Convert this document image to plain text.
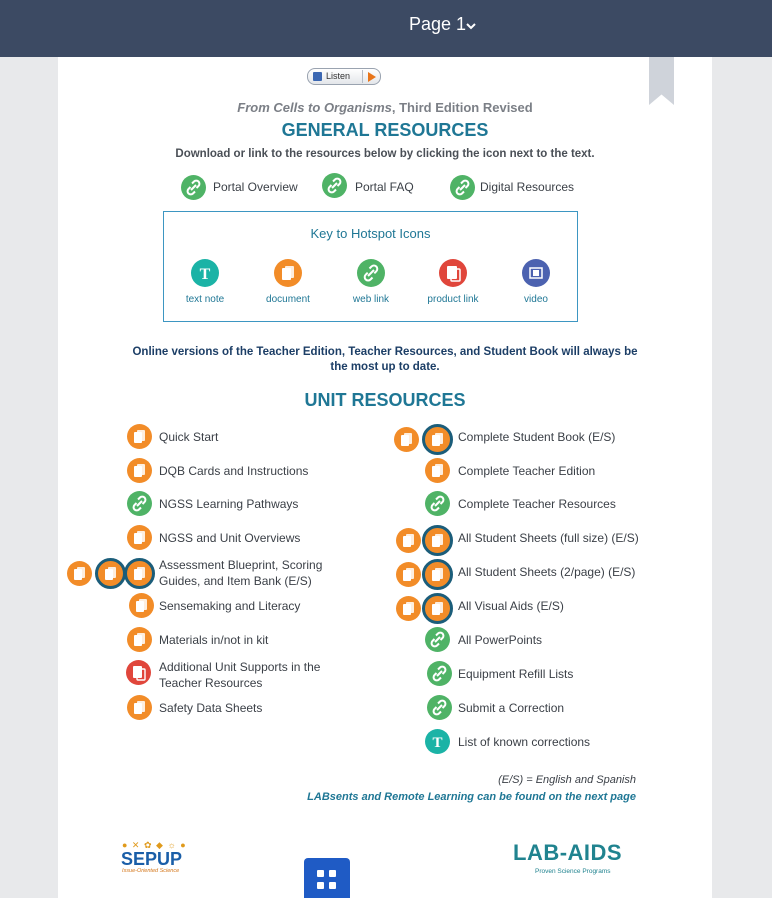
Page 1
Listen
From Cells to Organisms, Third Edition Revised
GENERAL RESOURCES
Download or link to the resources below by clicking the icon next to the text.
Portal Overview	Portal FAQ	Digital Resources
Key to Hotspot Icons
T
text note	document	web link	product link	video
Online versions of the Teacher Edition, Teacher Resources, and Student Book will always be the most up to date.
UNIT RESOURCES
Quick Start
DQB Cards and Instructions
NGSS Learning Pathways
NGSS and Unit Overviews
Assessment Blueprint, Scoring Guides, and Item Bank (E/S)
Sensemaking and Literacy
Materials in/not in kit
Additional Unit Supports in the Teacher Resources
Safety Data Sheets
Complete Student Book (E/S)
Complete Teacher Edition
Complete Teacher Resources
All Student Sheets (full size) (E/S)
All Student Sheets (2/page) (E/S)
All Visual Aids (E/S)
All PowerPoints
Equipment Refill Lists
Submit a Correction
T List of known corrections
(E/S) = English and Spanish
LABsents and Remote Learning can be found on the next page
● ✕ ✿ ◆ ☼ ●
SEPUP
Issue-Oriented Science
LAB-AIDS
Proven Science Programs
